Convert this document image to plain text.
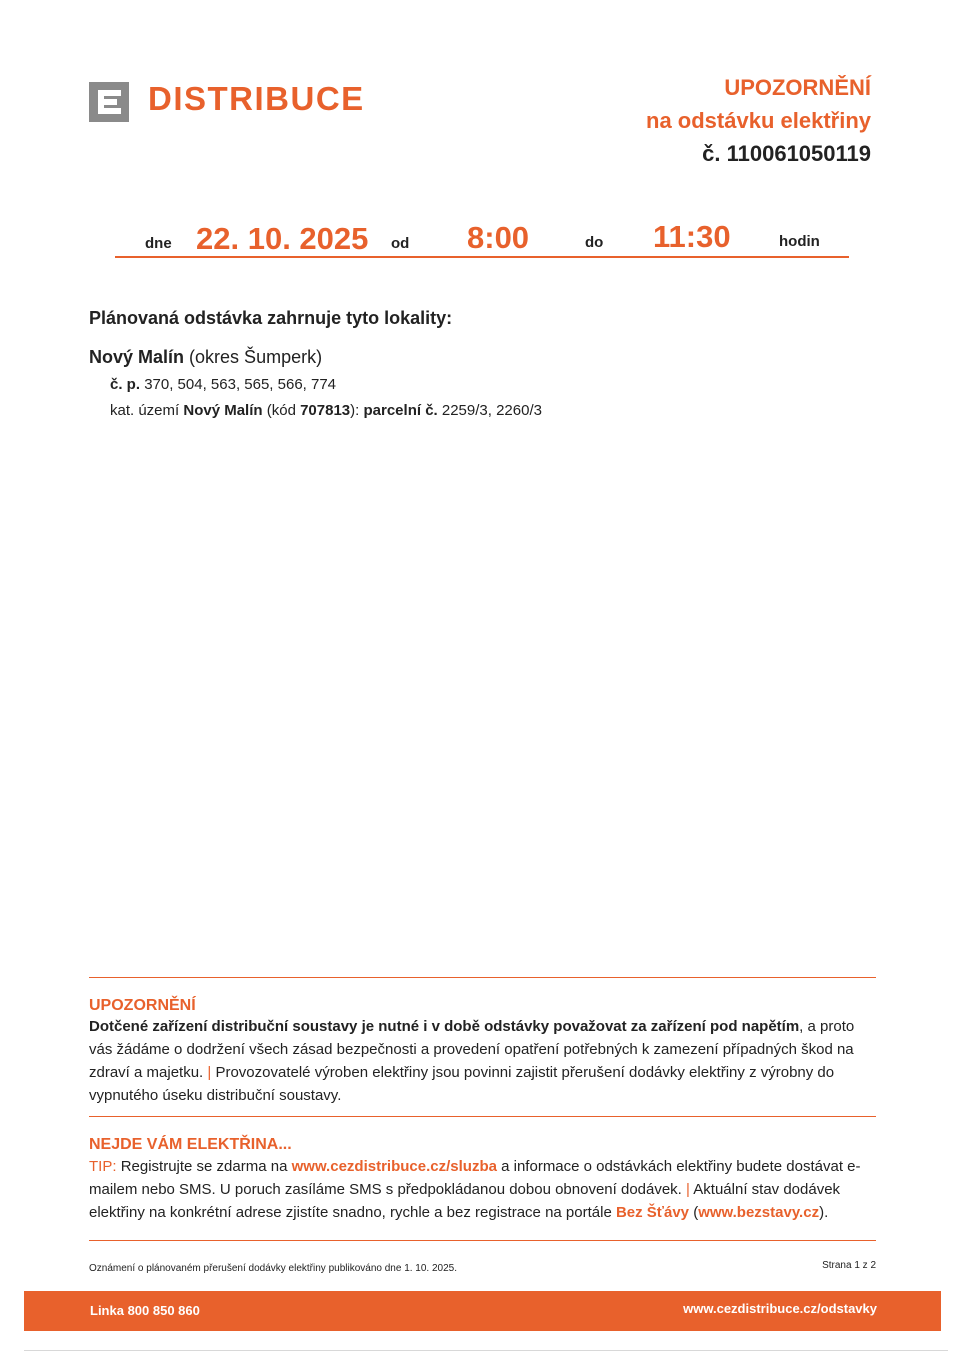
DISTRIBUCE	UPOZORNĚNÍ
na odstávku elektřiny
č. 110061050119
dne 22. 10. 2025 od 8:00	do 11:30	hodin
Plánovaná odstávka zahrnuje tyto lokality:
Nový Malín (okres Šumperk)
č. p. 370, 504, 563, 565, 566, 774
kat. území Nový Malín (kód 707813): parcelní č. 2259/3, 2260/3
UPOZORNĚNÍ
Dotčené zařízení distribuční soustavy je nutné i v době odstávky považovat za zařízení pod napětím, a proto vás žádáme o dodržení všech zásad bezpečnosti a provedení opatření potřebných k zamezení případných škod na zdraví a majetku. | Provozovatelé výroben elektřiny jsou povinni zajistit přerušení dodávky elektřiny z výrobny do vypnutého úseku distribuční soustavy.
NEJDE VÁM ELEKTŘINA...
TIP: Registrujte se zdarma na www.cezdistribuce.cz/sluzba a informace o odstávkách elektřiny budete dostávat e-mailem nebo SMS. U poruch zasíláme SMS s předpokládanou dobou obnovení dodávek. | Aktuální stav dodávek elektřiny na konkrétní adrese zjistíte snadno, rychle a bez registrace na portále Bez Šťávy (www.bezstavy.cz).
Oznámení o plánovaném přerušení dodávky elektřiny publikováno dne 1. 10. 2025.	Strana 1 z 2
Linka 800 850 860	www.cezdistribuce.cz/odstavky
